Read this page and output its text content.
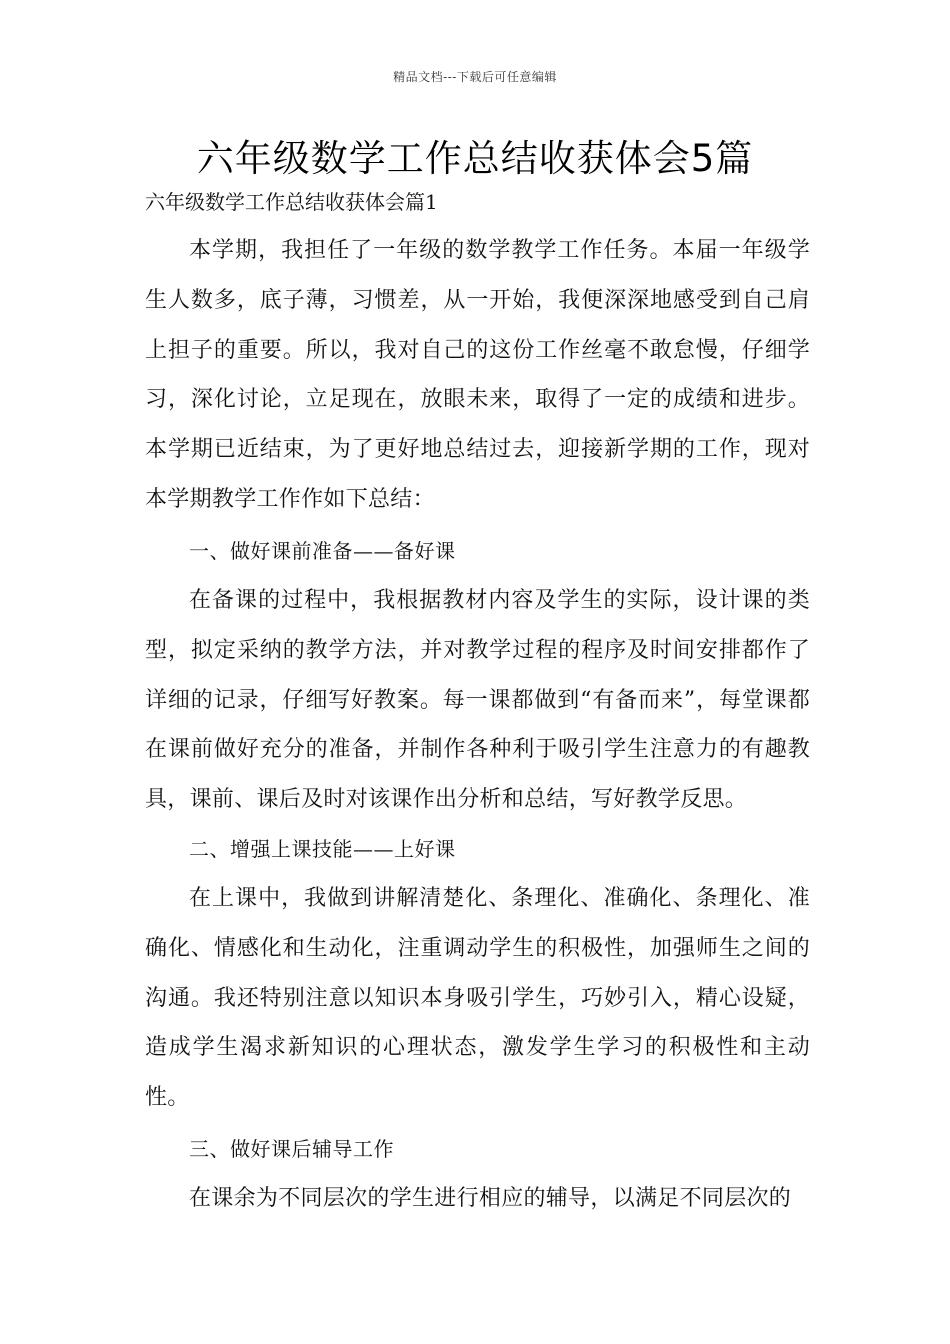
精品文档---下载后可任意编辑
六年级数学工作总结收获体会5篇
六年级数学工作总结收获体会篇1

本学期，我担任了一年级的数学教学工作任务。本届一年级学生人数多，底子薄，习惯差，从一开始，我便深深地感受到自己肩上担子的重要。所以，我对自己的这份工作丝毫不敢怠慢，仔细学习，深化讨论，立足现在，放眼未来，取得了一定的成绩和进步。本学期已近结束，为了更好地总结过去，迎接新学期的工作，现对本学期教学工作作如下总结：

一、做好课前准备——备好课

在备课的过程中，我根据教材内容及学生的实际，设计课的类型，拟定采纳的教学方法，并对教学过程的程序及时间安排都作了详细的记录，仔细写好教案。每一课都做到“有备而来”，每堂课都在课前做好充分的准备，并制作各种利于吸引学生注意力的有趣教具，课前、课后及时对该课作出分析和总结，写好教学反思。

二、增强上课技能——上好课

在上课中，我做到讲解清楚化、条理化、准确化、条理化、准确化、情感化和生动化，注重调动学生的积极性，加强师生之间的沟通。我还特别注意以知识本身吸引学生，巧妙引入，精心设疑，造成学生渴求新知识的心理状态，激发学生学习的积极性和主动性。

三、做好课后辅导工作

在课余为不同层次的学生进行相应的辅导，以满足不同层次的
